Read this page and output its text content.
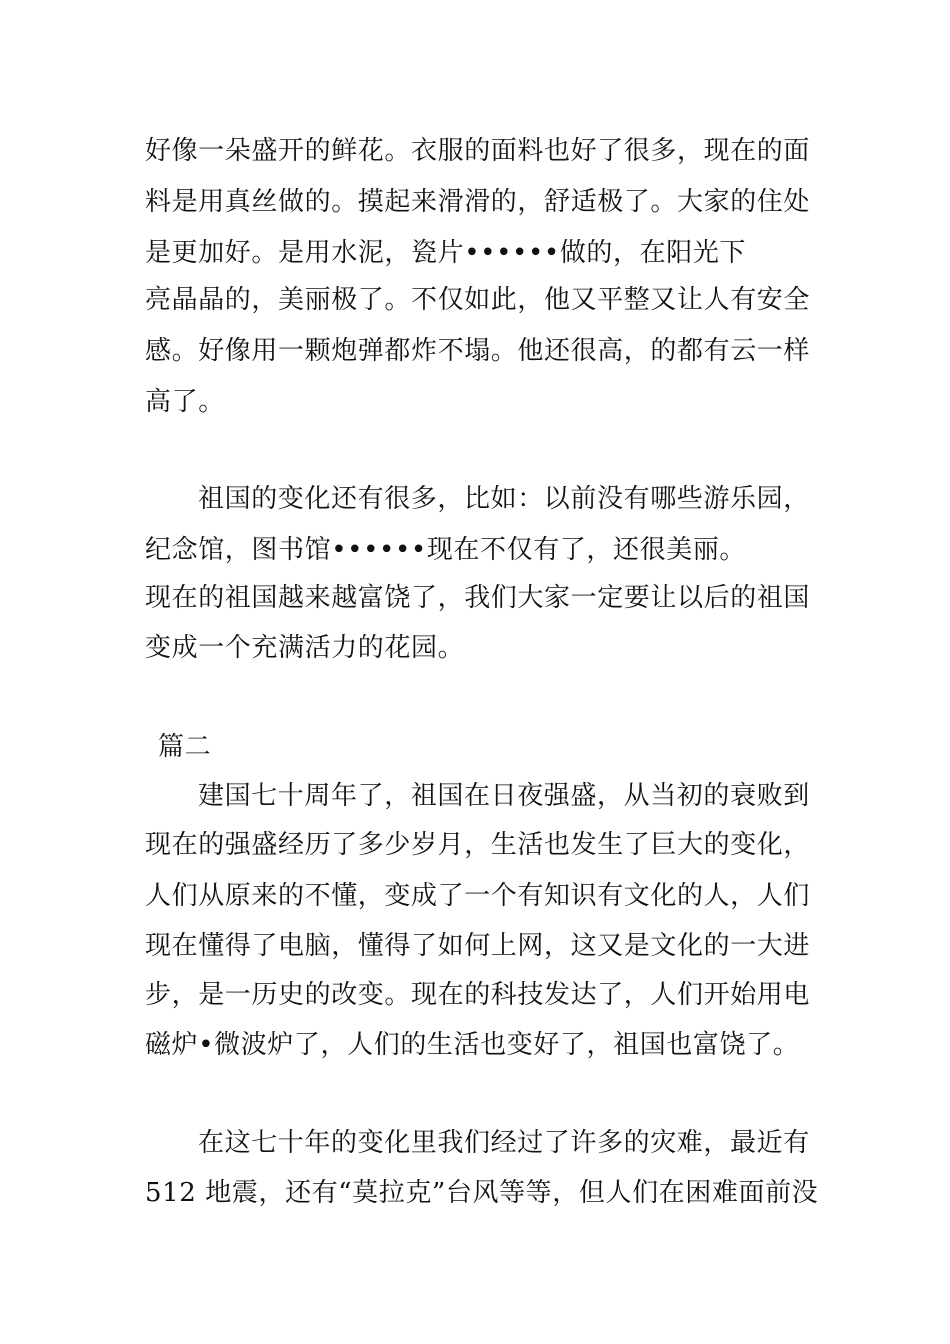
好像一朵盛开的鲜花。衣服的面料也好了很多，现在的面
料是用真丝做的。摸起来滑滑的，舒适极了。大家的住处
是更加好。是用水泥，瓷片••••••做的，在阳光下
亮晶晶的，美丽极了。不仅如此，他又平整又让人有安全
感。好像用一颗炮弹都炸不塌。他还很高，的都有云一样
高了。
祖国的变化还有很多，比如：以前没有哪些游乐园，
纪念馆，图书馆••••••现在不仅有了，还很美丽。
现在的祖国越来越富饶了，我们大家一定要让以后的祖国
变成一个充满活力的花园。
篇二
建国七十周年了，祖国在日夜强盛，从当初的衰败到
现在的强盛经历了多少岁月，生活也发生了巨大的变化，
人们从原来的不懂，变成了一个有知识有文化的人，人们
现在懂得了电脑，懂得了如何上网，这又是文化的一大进
步，是一历史的改变。现在的科技发达了，人们开始用电
磁炉•微波炉了，人们的生活也变好了，祖国也富饶了。
在这七十年的变化里我们经过了许多的灾难，最近有
512 地震，还有“莫拉克”台风等等，但人们在困难面前没
